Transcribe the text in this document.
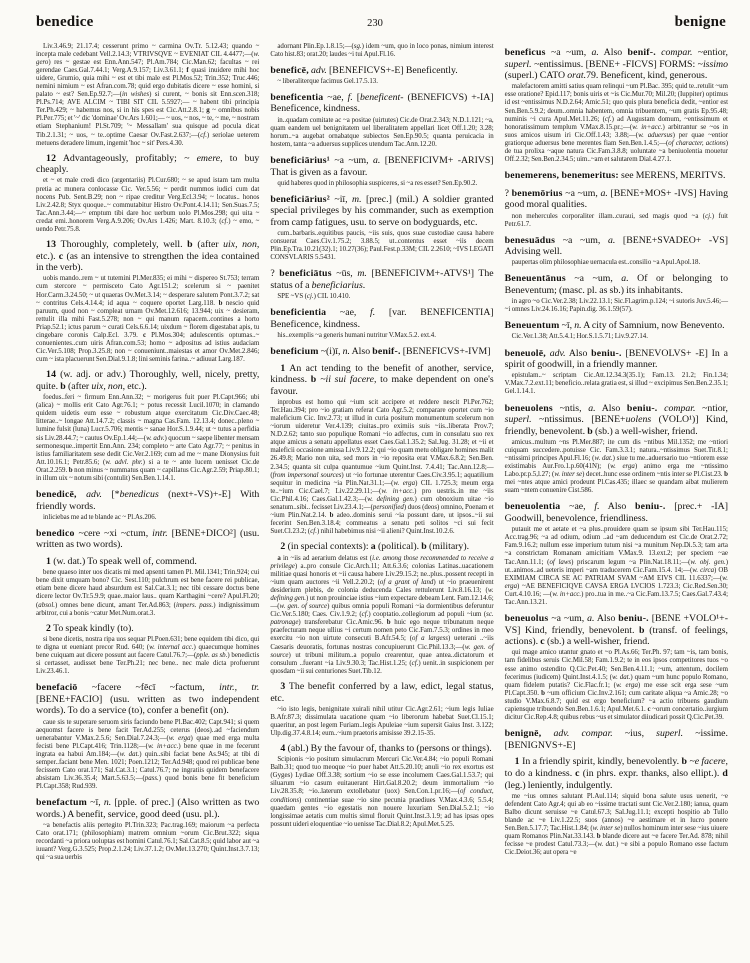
benedice	230	benigne
Liv.3.46.9; 21.17.4; cesserunt primo ~ carmina Ov.Tr. 5.12.43; quando ~ incepta male cedebant Vell.2.14.3; VTRIVSQVE ~ EVENIAT CIL 4.4477;—(w. gero) res ~ gestae est Enn.Ann.547; Pl.Am.784; Cic.Man.62; facultas ~ rei gerendae Caes.Gal.7.44.1; Verg.A.9.157; Liv.3.61.1; f quasi inuidere mihi hoc uidere, Grumio, quia mihi ~ est et tibi male est Pl.Mos.52; Trin.352; Truc.446; nemini nimium ~ est Afran.com.78; quid ergo dubitatis dicere ~ esse homini, si palato ~ est? Sen.Ep.92.7;—(in wishes) si curent, ~ bonis sit Enn.scen.318; Pl.Ps.714; AVE ALCIM ~ TIBI SIT CIL 5.5927;— ~ habent tibi principia Ter.Ph.429; ~ habemus nos, si in his spes est Cic.Att.2.8.1; g ~ omnibus nobis Pl.Per.775; et '~' dic 'dominae' Ov.Ars 1.601;— ~ uos, ~ nos, ~ te, ~ me, ~ nostram etiam Stephanium! Pl.St.709; '~ Messallam' sua quisque ad pocula dicat Tib.2.1.31; ~ uos, ~ te..optime Caesar Ov.Fast.2.637;—(cf.) seriolae ueterem metuens deradere limum, ingemit 'hoc ~ sit' Pers.4.30.
12 Advantageously, profitably; ~ emere, to buy cheaply.
et ~ et male credi dico (argentariis) Pl.Cur.680; ~ se apud istam tam multa pretia ac munera conlocasse Cic. Ver.5.56; ~ perdit nummos iudici cum dat nocens Pub. Sent.B.29; non ~ ripae creditur Verg.Ecl.3.94; ~ locatus.. honos Liv.2.42.8; Styx quoque..~ commutabitur Histro Ov.Pont.4.14.11; Sen.Suas.7.5; Tac.Ann.3.44;—~ emptum tibi dare hoc uerbum uolo Pl.Mos.298; qui uita ~ credat emi..honorem Verg.A.9.206; Ov.Ars 1.426; Mart. 8.10.3; (cf.) ~ emo, ~ uendo Petr.75.8.
13 Thoroughly, completely, well. b (after uix, non, etc.). c (as an intensive to strengthen the idea contained in the verb).
uobis mando..rem ~ ut tutemini Pl.Mer.835; ei mihi ~ dispereo St.753; terram cum stercore ~ permisceto Cato Agr.151.2; scelerum si ~ paenitet Hor.Carm.3.24.50; ~ ut quaeras Ov.Met.3.14; ~ desperare salutem Pont.3.7.2; sat ~ contritus Cels.4.14.4; id aqua ~ coquere oportet Larg.118. b nescio quid paruum, quod non ~ compleat urnam Ov.Met.12.616; 13.944; uix ~ desieram, rettulit illa mihi Fast.5.278; non ~ qui manum rapacem..contines a horto Priap.52.1; ictus parum ~ curati Cels.6.6.14; uixdum ~ florem digestabat apis, tu cingebare coronis Calp.Ecl. 3.79. c Pl.Mos.304; adulescentis optumas..~ conuenientes..cum uiris Afran.com.53; homo ~ adpositus ad istius audaciam Cic.Ver.5.108; Prop.3.25.8; non ~ conueniunt..maiestas et amor Ov.Met.2.846; cum ~ ista placuerunt Sen.Dial.9.1.8; lini seminis farina..~ adiuuat Larg.187.
14 (w. adj. or adv.) Thoroughly, well, nicely, pretty, quite. b (after uix, non, etc.).
foedus..feri ~ firmum Enn.Ann.32; ~ morigerus fuit puer Pl.Capt.966; ubi (alica) ~ mollis erit Cato Agr.76.1; ~ potus recessit Lucil.1070; in clamando quidem uidetis eum esse ~ robustum atque exercitatum Cic.Div.Caec.48; litterae..~ longae Att.14.7.2; classis ~ magna Cas.Fam. 12.13.4; donec..pleno ~ lumine fulsit (luna) Lucr.5.706; mentis ~ sanae Hor.S.1.9.44; ut ~ tutus a perfidia sis Liv.28.44.7; ~ cautus Ov.Ep.1.44;—(w. adv.) quocum ~ saepe libenter mensam sermonesque..impertit Enn.Ann. 234; completo ~ arte Cato Agr.77; ~ penitus in istius familiaritatem sese dedit Cic.Ver.2.169; cum ad me ~ mane Dionysius fuit Att.10.16.1; Petr.85.6; (w. advl. phr.) si a te ~ ante lucem uenisset Cic.de Orat.2.259. b non minus ~ nummatus quam ~ capillatus Cic.Agr.2.59; Priap.80.1; in illum uix ~ notum sibi (contulit) Sen.Ben.1.14.1.
benedicē, adv. [*benedicus (next+-VS)+-E] With friendly words.
inliciebas me ad te blande ac ~ Pl.As.206.
benedico ~cere ~xi ~ctum, intr. [BENE+DICO²] (usu. written as two words).
1 (w. dat.) To speak well of, commend.
bene quaeso inter uos dicatis mi med apsenti tamen Pl. Mil.1341; Trin.924; cui bene dixit umquam bono? Cic. Sest.110; pulchrum est bene facere rei publicae, etiam bene dicere haud absurdum est Sal.Cat.3.1; nec tibi cessare doctus bene dicere lector Ov.Tr.5.9.9; quae..maior laus.. quam Karthagini ~cere? Apul.Fl.20; (absol.) omnes bene dicunt, amant Ter.Ad.863; (impers. pass.) indignissimum arbitror, cui a bonis ~catur Met.Num.orat.3.
2 To speak kindly (to).
si bene dicetis, nostra ripa uos sequar Pl.Poen.631; bene equidem tibi dico, qui te digna ut eueniant precor Rud. 640; (w. internal acc.) quaecumque homines bene cuiquam aut dicere possunt aut facere Catul.76.7;—(pple. as sb.) benedictis si certasset, audisset bene Ter.Ph.21; nec bene.. nec male dicta profuerunt Liv.23.46.1.
benefaciō ~facere ~fēcī ~factum, intr., tr. [BENE+FACIO] (usu. written as two independent words). To do a service (to), confer a benefit (on).
caue sis te superare seruom siris faciundo bene Pl.Bac.402; Capt.941; si quem aequomst facere is bene facit Ter.Ad.255; ceterus (deos)..ad ~faciendum uenerabantur V.Max.2.5.6; Sen.Dial.7.24.3;—(w. erga) quae med erga multa fecisti bene Pl.Capt.416; Trin.1128;—(w. in+acc.) bene quae in me fecerunt ingrata ea habui Am.184;—(w. dat.) quin..sibi faciat bene As.945; at tibi di semper..faciant bene Men. 1021; Poen.1212; Ter.Ad.948; quod rei publicae bene fecissem Cato orat.171; Sal.Cat.3.1; Catul.76.7; ne ingratiis quidem benefacere absistam Liv.36.35.4; Mart.5.63.5;—(pass.) quod bonis bene fit beneficium Pl.Capt.358; Rud.939.
benefactum ~ī, n. [pple. of prec.] (Also written as two words.) A benefit, service, good deed (usu. pl.).
~a benefactis aliis pertegito Pl.Trin.323; Pac.trag.169; maiorum ~a perfecta Cato orat.171; (philosophiam) matrem omnium ~orum Cic.Brut.322; siqua recordanti ~a priora uoluptas est homini Catul.76.1; Sal.Cat.8.5; quid labor aut ~a iuuant? Verg.G.3.525; Prop.2.1.24; Liv.37.1.2; Ov.Met.13.270; Quint.Inst.3.7.13; qui ~a sua uerbis
adornant Plin.Ep.1.8.15;—(sg.) idem ~um, quo in loco ponas, nimium interest Cato hist.83; orat.20; laudes ~i tui Apul.Fl.16.
beneficē, adv. [BENEFICVS+-E] Beneficently.
~ liberaliterque facimus Gel.17.5.13.
beneficentia ~ae, f. [beneficent- (BENEFICVS) +-IA] Beneficence, kindness.
in..quadam comitate ac ~a positae (uirtutes) Cic.de Orat.2.343; N.D.1.121; ~a, quam eandem uel benignitatem uel liberalitatem appellari licet Off.1.20; 3.28; horum..~a augebat ornabatque subiectos Sen.Ep.90.5; quanta peruicacia in hostem, tanta ~a aduersus supplices utendum Tac.Ann.12.20.
beneficiārius¹ ~a ~um, a. [BENEFICIVM+ -ARIVS] That is given as a favour.
quid haberes quod in philosophia suspiceres, si ~a res esset? Sen.Ep.90.2.
beneficiārius² ~iī, m. [prec.] (mil.) A soldier granted special privileges by his commander, such as exemption from camp fatigues, usu. to serve on bodyguards, etc.
cum..barbaris..equitibus paucis, ~iis suis, quos suae custodiae causa habere consuerat Caes.Civ.1.75.2; 3.88.5; ut..contentus esset ~iis decem Plin.Ep.Tra.10.21(32).1; 10.27(36); Paul.Fest.p.33M; CIL 2.2610; ~IVS LEGATI CONSVLARIS 5.5431.
? beneficiātus ~ūs, m. [BENEFICIVM+-ATVS¹] The status of a beneficiarius.
SPE ~VS (cj.) CIL 10.410.
beneficientia ~ae, f. [var. BENEFICENTIA] Beneficence, kindness.
his..exemplis ~a generis humani nutritur V.Max.5.2. ext.4.
beneficium ~(i)ī, n. Also benif-. [BENEFICVS+-IVM]
1 An act tending to the benefit of another, service, kindness. b ~ii sui facere, to make dependent on one's favour.
inprobus est homo qui ~ium scit accipere et reddere nescit Pl.Per.762; Ter.Hau.394; pro ~io gratiam referat Cato Agr.5.2; comparare oportet cum ~io maleficium Cic. Inv.2.73; ut illud in curia positum monumentum scelerum non ~iorum uideretur Ver.4.139; ciuitas..pro eximiis suis ~iis..liberata Prov.7; N.D.2.62; tanto suo populique Romani ~io adfectus, cum in consulatu suo rex atque amicus a senatu appellatus esset Caes.Gal.1.35.2; Sal.Jug. 31.28; et ~ii et maleficii occasione amissa Liv.9.12.2; qui ~io quam metu obligare homines malit 26.49.8; Mario non uita, sed mors in ~io reposita erat V.Max.6.8.2; Sen.Ben. 2.34.5; quanta sit culpa quantumue ~ium Quint.Inst. 7.4.41; Tac.Ann.12.8;—(from impersonal sources) ut ~io fortunae uterentur Caes.Civ.3.95.1; aquatilium sequitur in medicina ~ia Plin.Nat.31.1;—(w. erga) CIL 1.725.3; meum erga te..~ium Cic.Cael.7; Liv.22.29.11;—(w. in+acc.) pro uestris..in me ~iis Cic.Phil.4.16; Caes.Gal.1.42.3;—(w. defining gen.) cum obnoxium uitae ~io senatum..sibi.. fecisset Liv.23.4.1;—(personified) duos (deos) omnino, Poenam et ~ium Plin.Nat.2.14. b adeo..dominis serui ~ia possunt dare, ut ipsos..~ii sui fecerint Sen.Ben.3.18.4; commeatus a senatu peti solitos ~ci sui fecit Suet.Cl.23.2; (cf.) nihil habebimus nisi ~ii alieni? Quint.Inst.10.2.6.
2 (in special contexts): a (political). b (military).
a in ~iis ad aerarium delatus est (i.e. among those recommended to receive a privilege) a..pro consule Cic.Arch.11; Att.6.3.6; colonias Latinas..uacationem militiae quasi honoris et ~ii causa habere Liv.29.15.2; ne..plus..possent recepti in ~ium quam auctores ~ii Vell.2.20.2; (of a grant of land) ut ~io praeuenirent desiderium plebis, de colonia deducenda Cales rettulerunt Liv.8.16.13; (w. defining gen.) ut non prouinciae istius ~ium expectare debeam Lent. Fam.12.14.6;—(w. gen. of source) quibus omnia populi Romani ~ia dormientibus deferuntur Cic.Ver.5.180; Caes. Civ.1.9.2; (cf.) cooptatio..collegiorum ad populi ~ium (sc. patronage) transferebatur Cic.Amic.96. b huic ego neque tribunatum neque praefecturam neque ullius ~i certum nomen peto Cic.Fam.7.5.3; ordines in meo exercitu ~io non uirtute consecuti B.Afr.54.5; (of a largess) ueterani ..~iis Caesaris deuoratis, fortunas nostras concupiuerunt Cic.Phil.13.3;—(w. gen. of source) ut tribuni militum..a populo crearentur, quae antea..dictatorum et consulum ..fuerant ~ia Liv.9.30.3; Tac.Hist.1.25; (cf.) uenit..in suspicionem per quosdam ~ii sui centuriones Suet.Tib.12.
3 The benefit conferred by a law, edict, legal status, etc.
~io isto legis, benignitate xuirali nihil utitur Cic.Agr.2.61; ~ium legis Iuliae B.Afr.87.3; dissimulata uacatione quam ~io liberorum habebat Suet.Cl.15.1; quaeritur, an post legem Furiam..legis Apuleiae ~ium supersit Gaius Inst. 3.122; Ulp.dig.37.4.8.14; eum..~ium praetoris amisisse 39.2.15-35.
4 (abl.) By the favour of, thanks to (persons or things).
Scipionis ~io positum simulacrum Mercuri Cic.Ver.4.84; ~io populi Romani Balb.31; quod tuo meoque ~io puer habet Att.5.20.10; anuli ~io rex exortus est (Gyges) Lydiae Off.3.38; sortium ~io se esse incolumem Caes.Gal.1.53.7; qui siluarum ~io casum euitauerant Hirt.Gal.8.20.2; deum immortalium ~io Liv.28.35.8; ~io..laterum extollebatur (uox) Sen.Con.1.pr.16;—(of conduct, conditions) continentiae suae ~io sine pecunia praediues V.Max.4.3.6; 5.5.4; quaedam gentes ~io egestatis non nouere luxuriam Sen.Dial.5.2.1; ~io longissimae aetatis cum multis simul floruit Quint.Inst.3.1.9; ad has ipsas opes possunt uideri eloquentiae ~io uenisse Tac.Dial.8.2; Apul.Met.5.25.
beneficus ~a ~um, a. Also benif-. compar. ~entior, superl. ~entissimus. [BENE+ -FICVS] FORMS: ~issimo (superl.) CATO orat.79. Beneficent, kind, generous.
malefactorem amitti satius quam relinqui ~um Pl.Bac. 395; quid te..retulit ~um esse oratione? Epid.117; bonis uiris et ~is Cic.Mur.70; Mil.20; (Iuppiter) optimus id est ~entissimus N.D.2.64; Amic.51; quo quis plura beneficia dedit, ~entior est Sen.Ben.5.9.2; deum..omnia habentem, omnia tribuentem, ~um gratis Ep.95.48; numinis ~i cura Apul.Met.11.26; (cf.) ad Augustam domum, ~entissimum et honoratissimum templum V.Max.8.15.pr.;—(w. in+acc.) arbitrantur se ~os in suos amicos uisum iri Cic.Off.1.43; 3.88;—(w. aduersus) per quae ~entior gratiorque aduersus bene merentes fiam Sen.Ben.1.4.5;—(of character, actions) de tua prolixa ~aque natura Cic.Fam.3.8.8; uoluntate ~a beniuolentia mouetur Off.2.32; Sen.Ben.2.34.5; uim..~am et salutarem Dial.4.27.1.
benemerens, benemeritus: see MERENS, MERITVS.
? benemōrius ~a ~um, a. [BENE+MOS+ -IVS] Having good moral qualities.
non mehercules corporaliter illam..curaui, sed magis quod ~a (cj.) fuit Petr.61.7.
benesuādus ~a ~um, a. [BENE+SVADEO+ -VS] Advising well.
paupertas olim philosophiae uernacula est..consilio ~a Apul.Apol.18.
Beneuentānus ~a ~um, a. Of or belonging to Beneventum; (masc. pl. as sb.) its inhabitants.
in agro ~o Cic.Ver.2.38; Liv.22.13.1; Sic.Fl.agrim.p.124; ~i sutoris Juv.5.46;—~i omnes Liv.24.16.16; Papin.dig. 36.1.59(57).
Beneuentum ~ī, n. A city of Samnium, now Benevento.
Cic.Ver.1.38; Att.5.4.1; Hor.S.1.5.71; Liv.9.27.14.
beneuolē, adv. Also beniu-. [BENEVOLVS+ -E] In a spirit of goodwill, in a friendly manner.
epistulam..~ scriptam Cic.Att.12.34.3(35.1); Fam.13. 21.2; Fin.1.34; V.Max.7.2.ext.11; beneficio..relata gratia est, si illud ~ excipimus Sen.Ben.2.35.1; Gel.1.14.1.
beneuolens ~ntis, a. Also beniu-. compar. ~ntior, superl. ~ntissimus. [BENE+uolens (VOLO¹)] Kind, friendly, benevolent. b (sb.) a well-wisher, friend.
amicus..multum ~ns Pl.Mer.887; ite cum dis ~ntibus Mil.1352; me ~ntiori cuiquam succedere..potuisse Cic. Fam.3.3.1; natura..~ntissimus Suet.Tit.8.1; ~ntissimi principes Apul.Fl.16; (w. dat.) siue tu me..aduersario tuo ~ntiorem esse existimabis Aur.Fro.1.p.60(41N); (w. erga) animo erga me ~ntissimo Labo.pr.p.5,l.27; (w. inter se) decet..hunc esse ordinem ~ntis inter se Pl.Cist.23. b mei ~ntes atque amici prodeunt Pl.Cas.435; illaec se quandam aibat mulierem suam ~ntem conuenire Cist.586.
beneuolentia ~ae, f. Also beniu-. [prec.+ -IA] Goodwill, benevolence, friendliness.
putauit me et aetate et ~a plus..prouidere quam se ipsum sibi Ter.Hau.115; Acc.trag.96; ~a ad odium, odium ..ad ~am deducendum est Cic.de Orat.2.72; Fam.9.16.2; nullum esse imperium tutum nisi ~a munitum Nep.Di.5.3; tam arta ~a constrictam Romanam amicitiam V.Max.9. 13.ext.2; per speciem ~ae Tac.Ann.11.1; (of laws) priscarum legum ~a Plin.Nat.18.11;—(w. obj. gen.) ut..animos..ad ueteris imperi ~am traducerem Cic.Fam.15.4. 14;—(w. circa) OB EXIMIAM CIRCA SE AC PATRIAM SVAM ~AM EIVS CIL 11.6337;—(w. erga) ~AE BENEFICIQVE CAVSA ERGA LVCIOS 1.723.3; Cic.Red.Sen.30; Curt.4.10.16; —(w. in+acc.) pro..tua in me..~a Cic.Fam.13.7.5; Caes.Gal.7.43.4; Tac.Ann.13.21.
beneuolus ~a ~um, a. Also beniu-. [BENE +VOLO¹+-VS] Kind, friendly, benevolent. b (transf. of feelings, actions). c (sb.) a well-wisher, friend.
qui mage amico utantur gnato et ~o Pl.As.66; Ter.Ph. 97; tam ~is, tam bonis, tam fidelibus seruis Cic.Mil.58; Fam.1.9.2; te in eos ipsos competitores tuos ~o esse animo ostendito Q.Cic.Pet.40; Sen.Ben.4.11.1; ~um, attentum, docilem fecerimus (iudicem) Quint.Inst.4.1.5; (w. dat.) quam ~um hunc populo Romano, quam fidelem putatis? Cic.Flac.fr.1; (w. erga) me esse scit erga sese ~um Pl.Capt.350. b ~um officium Cic.Inv.2.161; cum caritate aliqua ~a Amic.28; ~o studio V.Max.6.8.7; quid est ergo beneficium? ~a actio tribuens gaudium capiensque tribuendo Sen.Ben.1.6.1; Apul.Met.6.1. c ~orum concertatio..iurgium dicitur Cic.Rep.4.8; quibus rebus ~us et simulator diiudicari possit Q.Cic.Pet.39.
benignē, adv. compar. ~ius, superl. ~issime. [BENIGNVS+-E]
1 In a friendly spirit, kindly, benevolently. b ~e facere, to do a kindness. c (in phrs. expr. thanks, also ellipt.). d (leg.) leniently, indulgently.
me ~ius omnes salutant Pl.Aul.114; siquid bona salute usus uenerit, ~e defendent Cato Agr.4; qui ab eo ~issime tractati sunt Cic.Ver.2.180; ianua, quam Balbo dicunt seruisse ~e Catul.67.3; Sal.Jug.11.1; excepti hospitio ab Tullo blande ac ~e Liv.1.22.5; suos (annos) ~e aestimare et in lucro ponere Sen.Ben.5.17.7; Tac.Hist.1.84; (w. inter se) nullos hominum inter sese ~ius uiuere quam Romanos Plin.Nat.33.143. b blande dicere aut ~e facere Ter.Ad. 878; nihil fecisse ~e prodest Catul.73.3;—(w. dat.) ~e sibi a populo Romano esse factum Cic.Deiot.36; aut opera ~e
